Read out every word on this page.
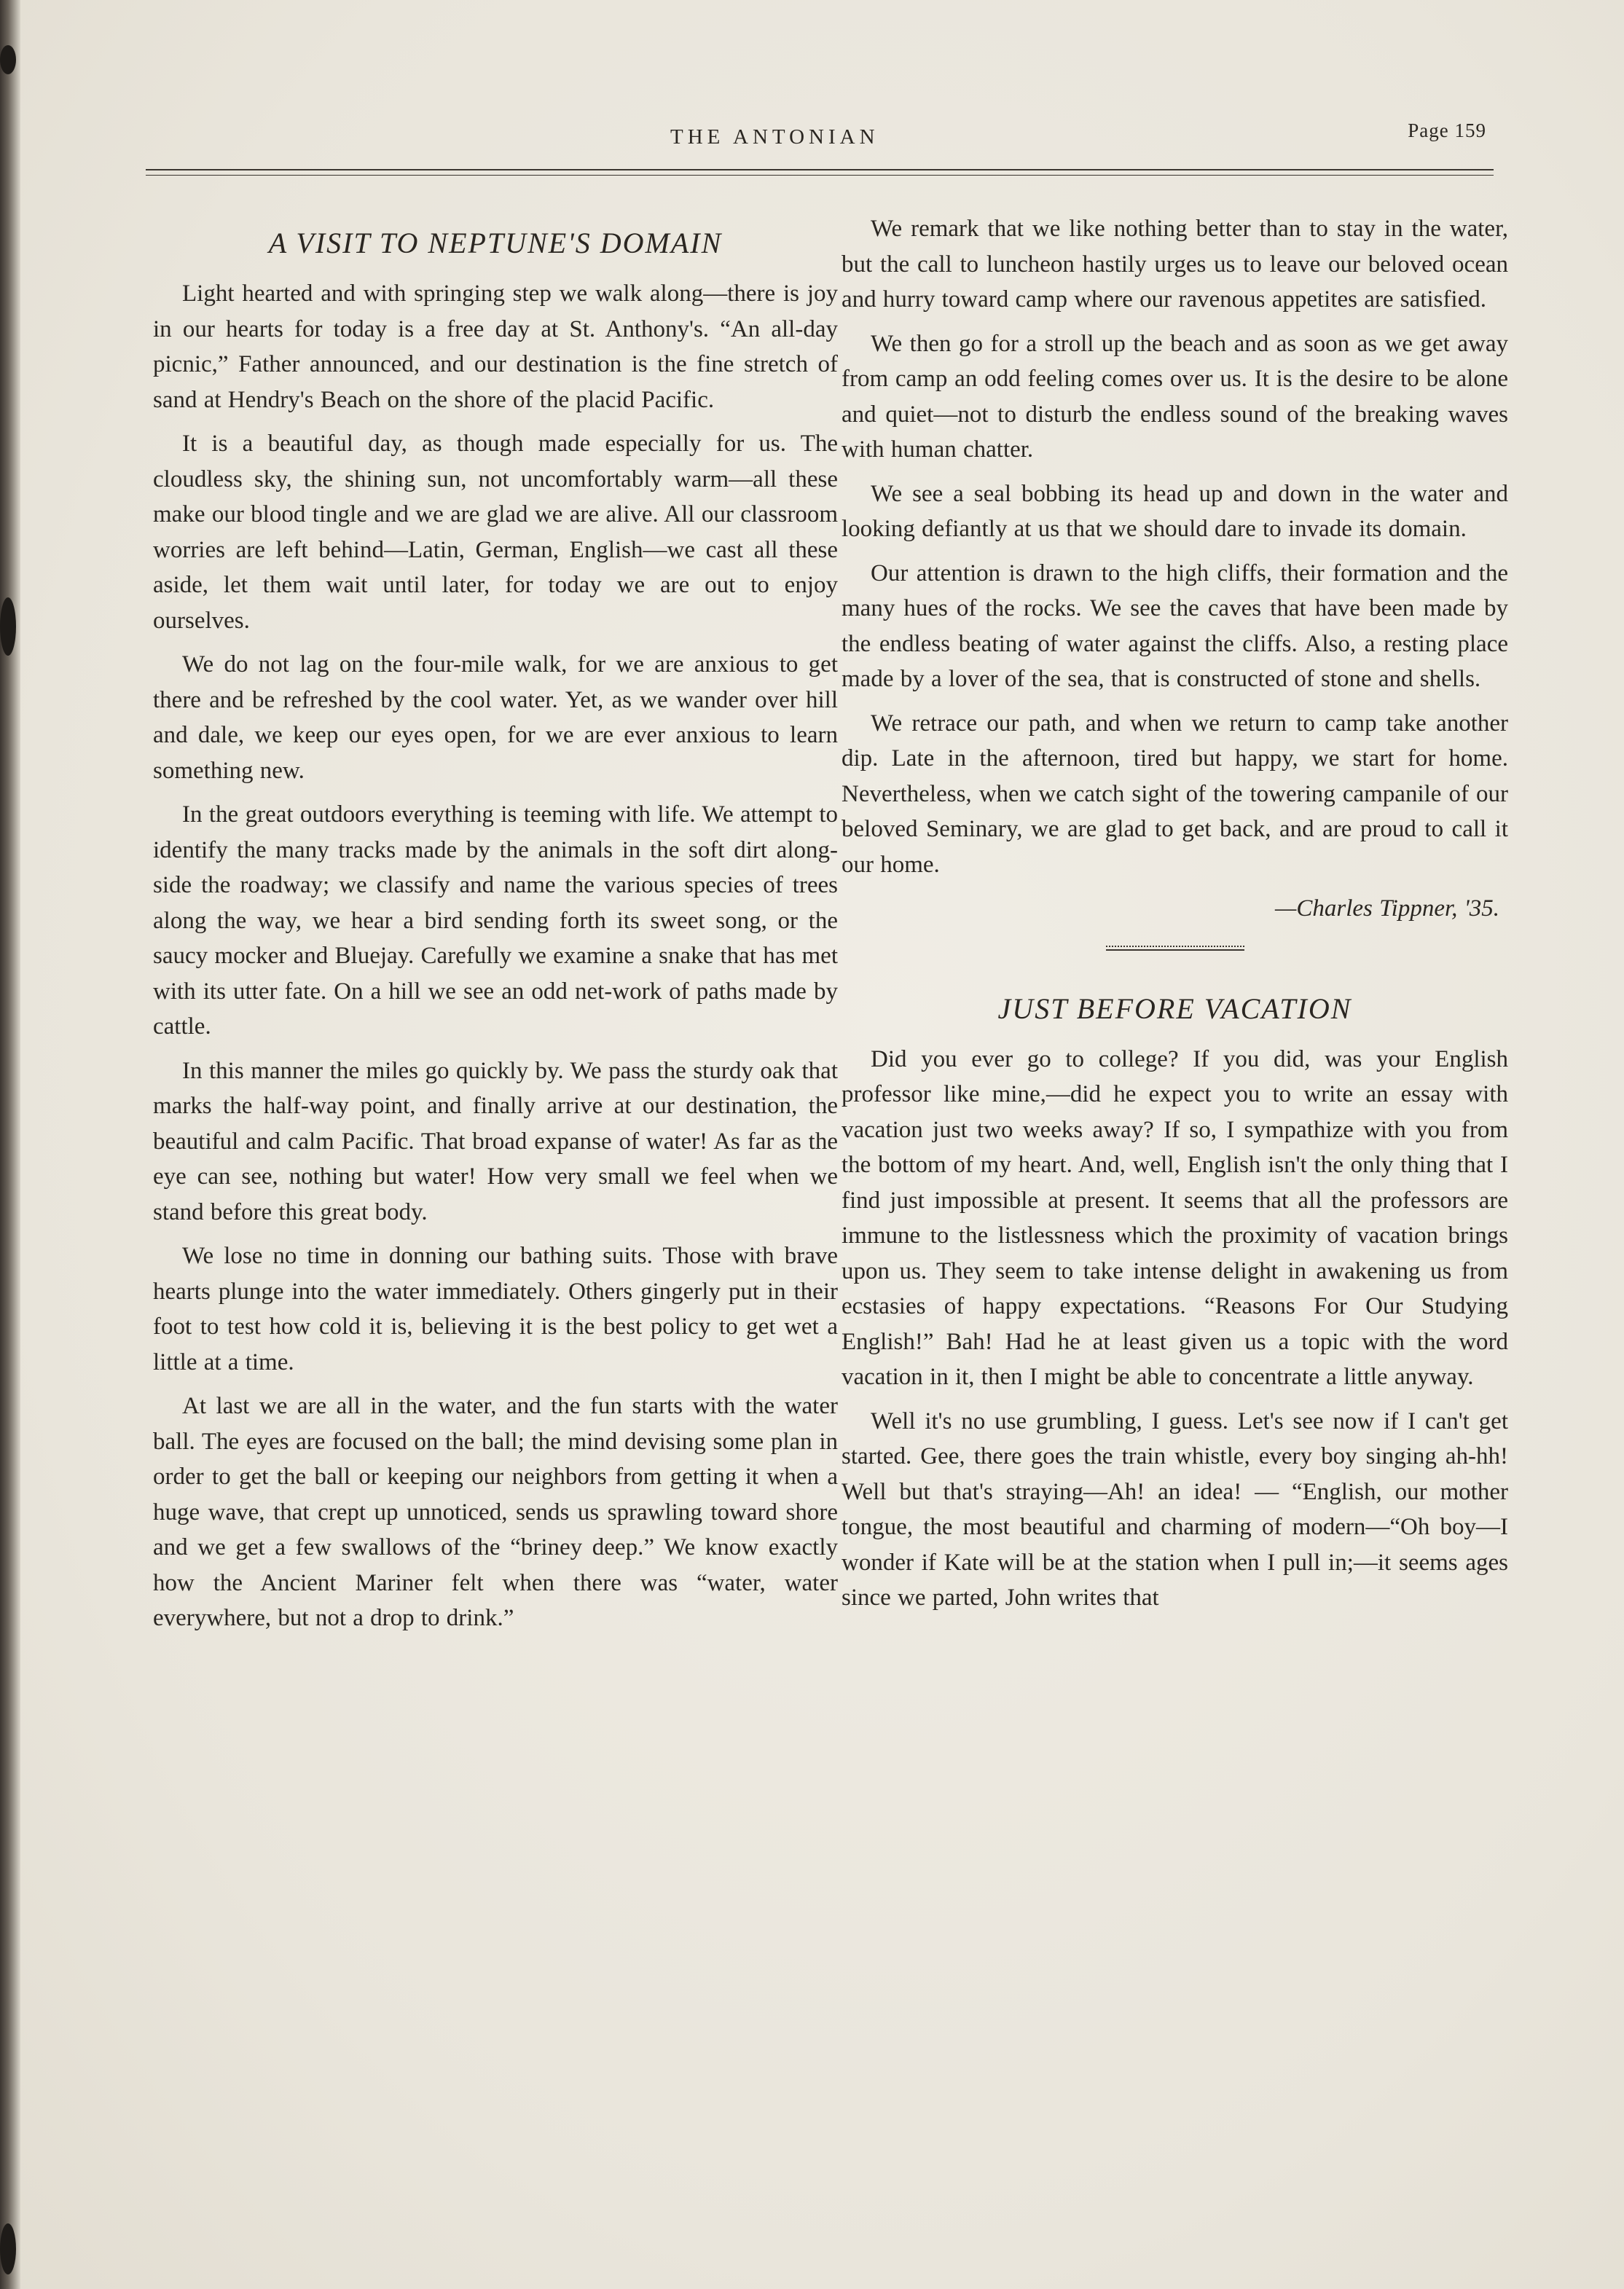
THE ANTONIAN	Page 159
A VISIT TO NEPTUNE'S DOMAIN

Light hearted and with springing step we walk along—there is joy in our hearts for today is a free day at St. Anthony's. “An all-day picnic,” Father announced, and our destination is the fine stretch of sand at Hendry's Beach on the shore of the placid Pacific.

It is a beautiful day, as though made especially for us. The cloudless sky, the shining sun, not uncomfortably warm—all these make our blood tingle and we are glad we are alive. All our classroom worries are left behind—Latin, German, English—we cast all these aside, let them wait until later, for today we are out to enjoy ourselves.

We do not lag on the four-mile walk, for we are anxious to get there and be refreshed by the cool water. Yet, as we wander over hill and dale, we keep our eyes open, for we are ever anxious to learn something new.

In the great outdoors everything is teeming with life. We attempt to identify the many tracks made by the animals in the soft dirt along-side the roadway; we classify and name the various species of trees along the way, we hear a bird sending forth its sweet song, or the saucy mocker and Bluejay. Carefully we examine a snake that has met with its utter fate. On a hill we see an odd net-work of paths made by cattle.

In this manner the miles go quickly by. We pass the sturdy oak that marks the half-way point, and finally arrive at our destination, the beautiful and calm Pacific. That broad expanse of water! As far as the eye can see, nothing but water! How very small we feel when we stand before this great body.

We lose no time in donning our bathing suits. Those with brave hearts plunge into the water immediately. Others gingerly put in their foot to test how cold it is, believing it is the best policy to get wet a little at a time.

At last we are all in the water, and the fun starts with the water ball. The eyes are focused on the ball; the mind devising some plan in order to get the ball or keeping our neighbors from getting it when a huge wave, that crept up unnoticed, sends us sprawling toward shore and we get a few swallows of the “briney deep.” We know exactly how the Ancient Mariner felt when there was “water, water everywhere, but not a drop to drink.”

We remark that we like nothing better than to stay in the water, but the call to luncheon hastily urges us to leave our beloved ocean and hurry toward camp where our ravenous appetites are satisfied.

We then go for a stroll up the beach and as soon as we get away from camp an odd feeling comes over us. It is the desire to be alone and quiet—not to disturb the endless sound of the breaking waves with human chatter.

We see a seal bobbing its head up and down in the water and looking defiantly at us that we should dare to invade its domain.

Our attention is drawn to the high cliffs, their formation and the many hues of the rocks. We see the caves that have been made by the endless beating of water against the cliffs. Also, a resting place made by a lover of the sea, that is constructed of stone and shells.

We retrace our path, and when we return to camp take another dip. Late in the afternoon, tired but happy, we start for home. Nevertheless, when we catch sight of the towering campanile of our beloved Seminary, we are glad to get back, and are proud to call it our home.

—Charles Tippner, '35.

JUST BEFORE VACATION

Did you ever go to college? If you did, was your English professor like mine,—did he expect you to write an essay with vacation just two weeks away? If so, I sympathize with you from the bottom of my heart. And, well, English isn't the only thing that I find just impossible at present. It seems that all the professors are immune to the listlessness which the proximity of vacation brings upon us. They seem to take intense delight in awakening us from ecstasies of happy expectations. “Reasons For Our Studying English!” Bah! Had he at least given us a topic with the word vacation in it, then I might be able to concentrate a little anyway.

Well it's no use grumbling, I guess. Let's see now if I can't get started. Gee, there goes the train whistle, every boy singing ah-hh! Well but that's straying—Ah! an idea! — “English, our mother tongue, the most beautiful and charming of modern—“Oh boy—I wonder if Kate will be at the station when I pull in;—it seems ages since we parted, John writes that
